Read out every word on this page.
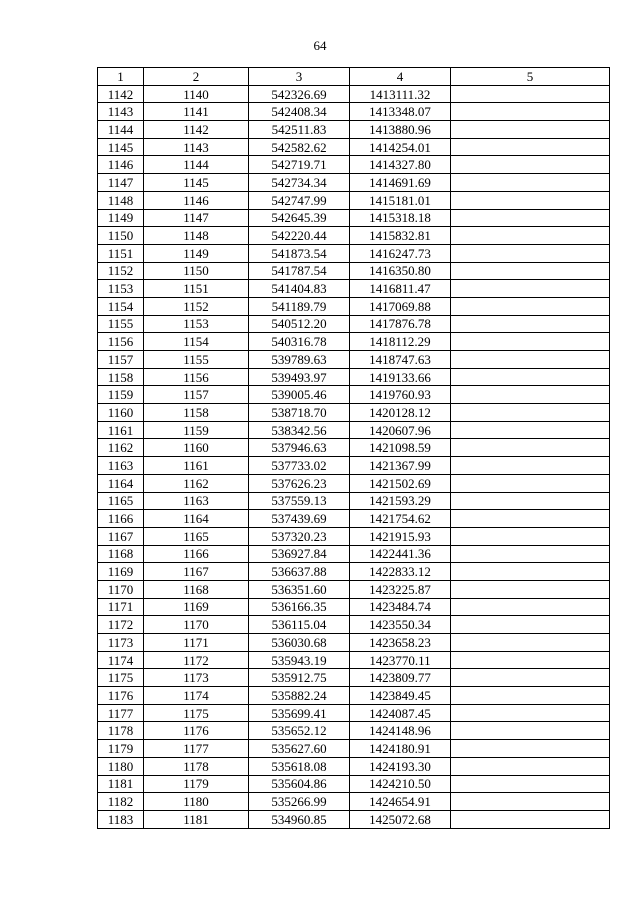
64
1	2	3	4	5
1142	1140	542326.69	1413111.32	
1143	1141	542408.34	1413348.07	
1144	1142	542511.83	1413880.96	
1145	1143	542582.62	1414254.01	
1146	1144	542719.71	1414327.80	
1147	1145	542734.34	1414691.69	
1148	1146	542747.99	1415181.01	
1149	1147	542645.39	1415318.18	
1150	1148	542220.44	1415832.81	
1151	1149	541873.54	1416247.73	
1152	1150	541787.54	1416350.80	
1153	1151	541404.83	1416811.47	
1154	1152	541189.79	1417069.88	
1155	1153	540512.20	1417876.78	
1156	1154	540316.78	1418112.29	
1157	1155	539789.63	1418747.63	
1158	1156	539493.97	1419133.66	
1159	1157	539005.46	1419760.93	
1160	1158	538718.70	1420128.12	
1161	1159	538342.56	1420607.96	
1162	1160	537946.63	1421098.59	
1163	1161	537733.02	1421367.99	
1164	1162	537626.23	1421502.69	
1165	1163	537559.13	1421593.29	
1166	1164	537439.69	1421754.62	
1167	1165	537320.23	1421915.93	
1168	1166	536927.84	1422441.36	
1169	1167	536637.88	1422833.12	
1170	1168	536351.60	1423225.87	
1171	1169	536166.35	1423484.74	
1172	1170	536115.04	1423550.34	
1173	1171	536030.68	1423658.23	
1174	1172	535943.19	1423770.11	
1175	1173	535912.75	1423809.77	
1176	1174	535882.24	1423849.45	
1177	1175	535699.41	1424087.45	
1178	1176	535652.12	1424148.96	
1179	1177	535627.60	1424180.91	
1180	1178	535618.08	1424193.30	
1181	1179	535604.86	1424210.50	
1182	1180	535266.99	1424654.91	
1183	1181	534960.85	1425072.68	
